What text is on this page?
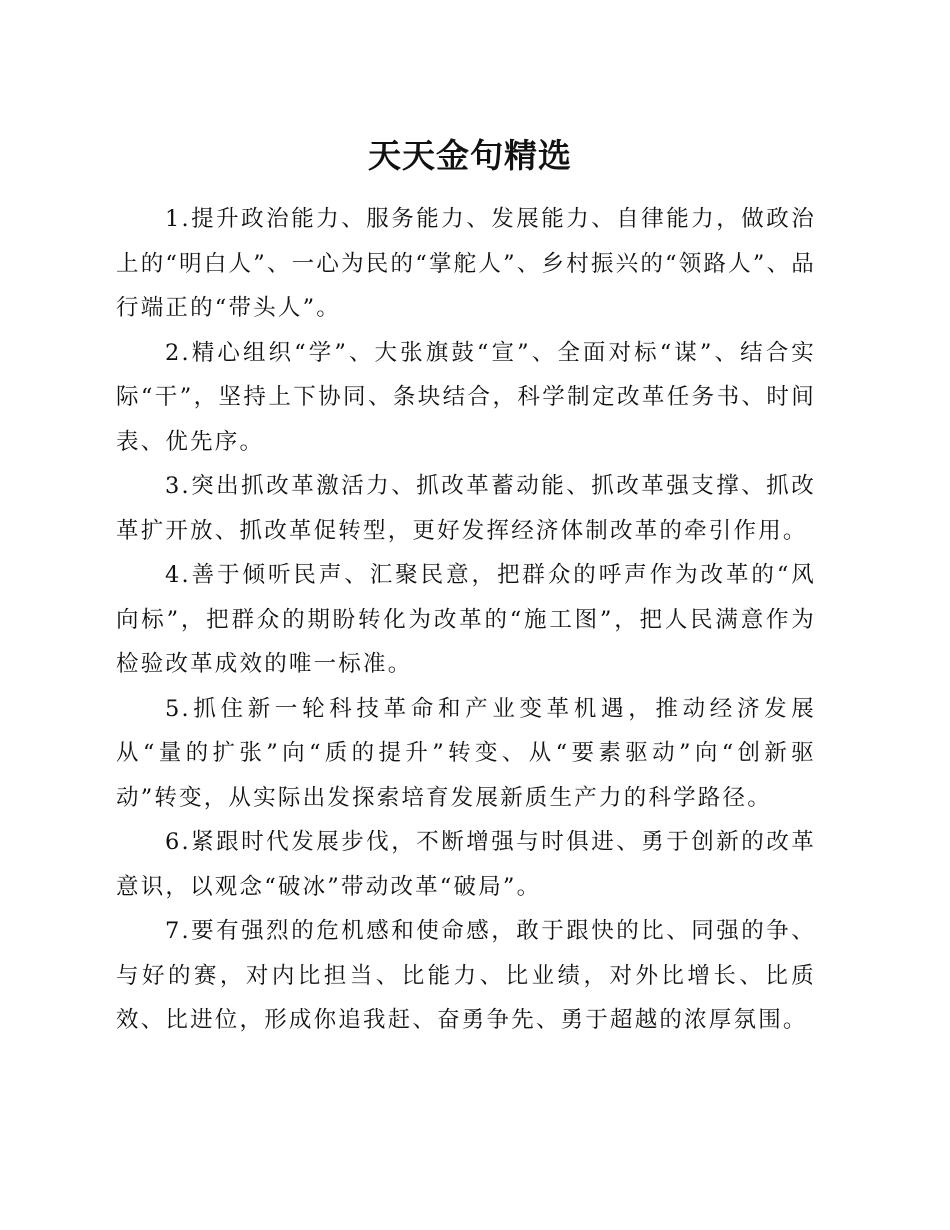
天天金句精选

1.提升政治能力、服务能力、发展能力、自律能力，做政治上的“明白人”、一心为民的“掌舵人”、乡村振兴的“领路人”、品行端正的“带头人”。

2.精心组织“学”、大张旗鼓“宣”、全面对标“谋”、结合实际“干”，坚持上下协同、条块结合，科学制定改革任务书、时间表、优先序。

3.突出抓改革激活力、抓改革蓄动能、抓改革强支撑、抓改革扩开放、抓改革促转型，更好发挥经济体制改革的牵引作用。

4.善于倾听民声、汇聚民意，把群众的呼声作为改革的“风向标”，把群众的期盼转化为改革的“施工图”，把人民满意作为检验改革成效的唯一标准。

5.抓住新一轮科技革命和产业变革机遇，推动经济发展从“量的扩张”向“质的提升”转变、从“要素驱动”向“创新驱动”转变，从实际出发探索培育发展新质生产力的科学路径。

6.紧跟时代发展步伐，不断增强与时俱进、勇于创新的改革意识，以观念“破冰”带动改革“破局”。

7.要有强烈的危机感和使命感，敢于跟快的比、同强的争、与好的赛，对内比担当、比能力、比业绩，对外比增长、比质效、比进位，形成你追我赶、奋勇争先、勇于超越的浓厚氛围。
